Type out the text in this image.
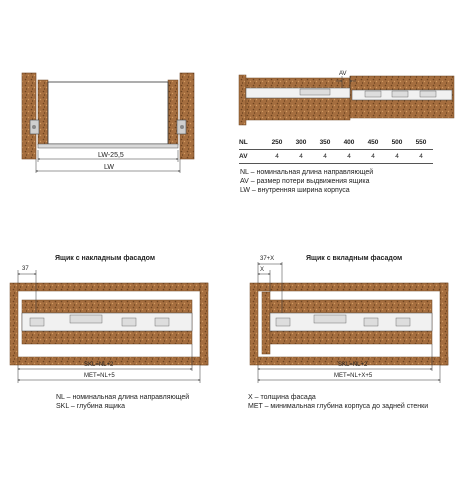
LW-25,5
LW
AV
NL	250	300	350	400	450	500	550
AV	4	4	4	4	4	4	4
NL – номинальная длина направляющей
AV – размер потери выдвижения ящика
LW – внутренняя ширина корпуса
Ящик с накладным фасадом
37
SKL=NL+2
MET=NL+5
Ящик с вкладным фасадом
37+X
X
SKL=NL+2
MET=NL+X+5
NL – номинальная длина направляющей
SKL – глубина ящика
X – толщина фасада
MET – минимальная глубина корпуса до задней стенки
